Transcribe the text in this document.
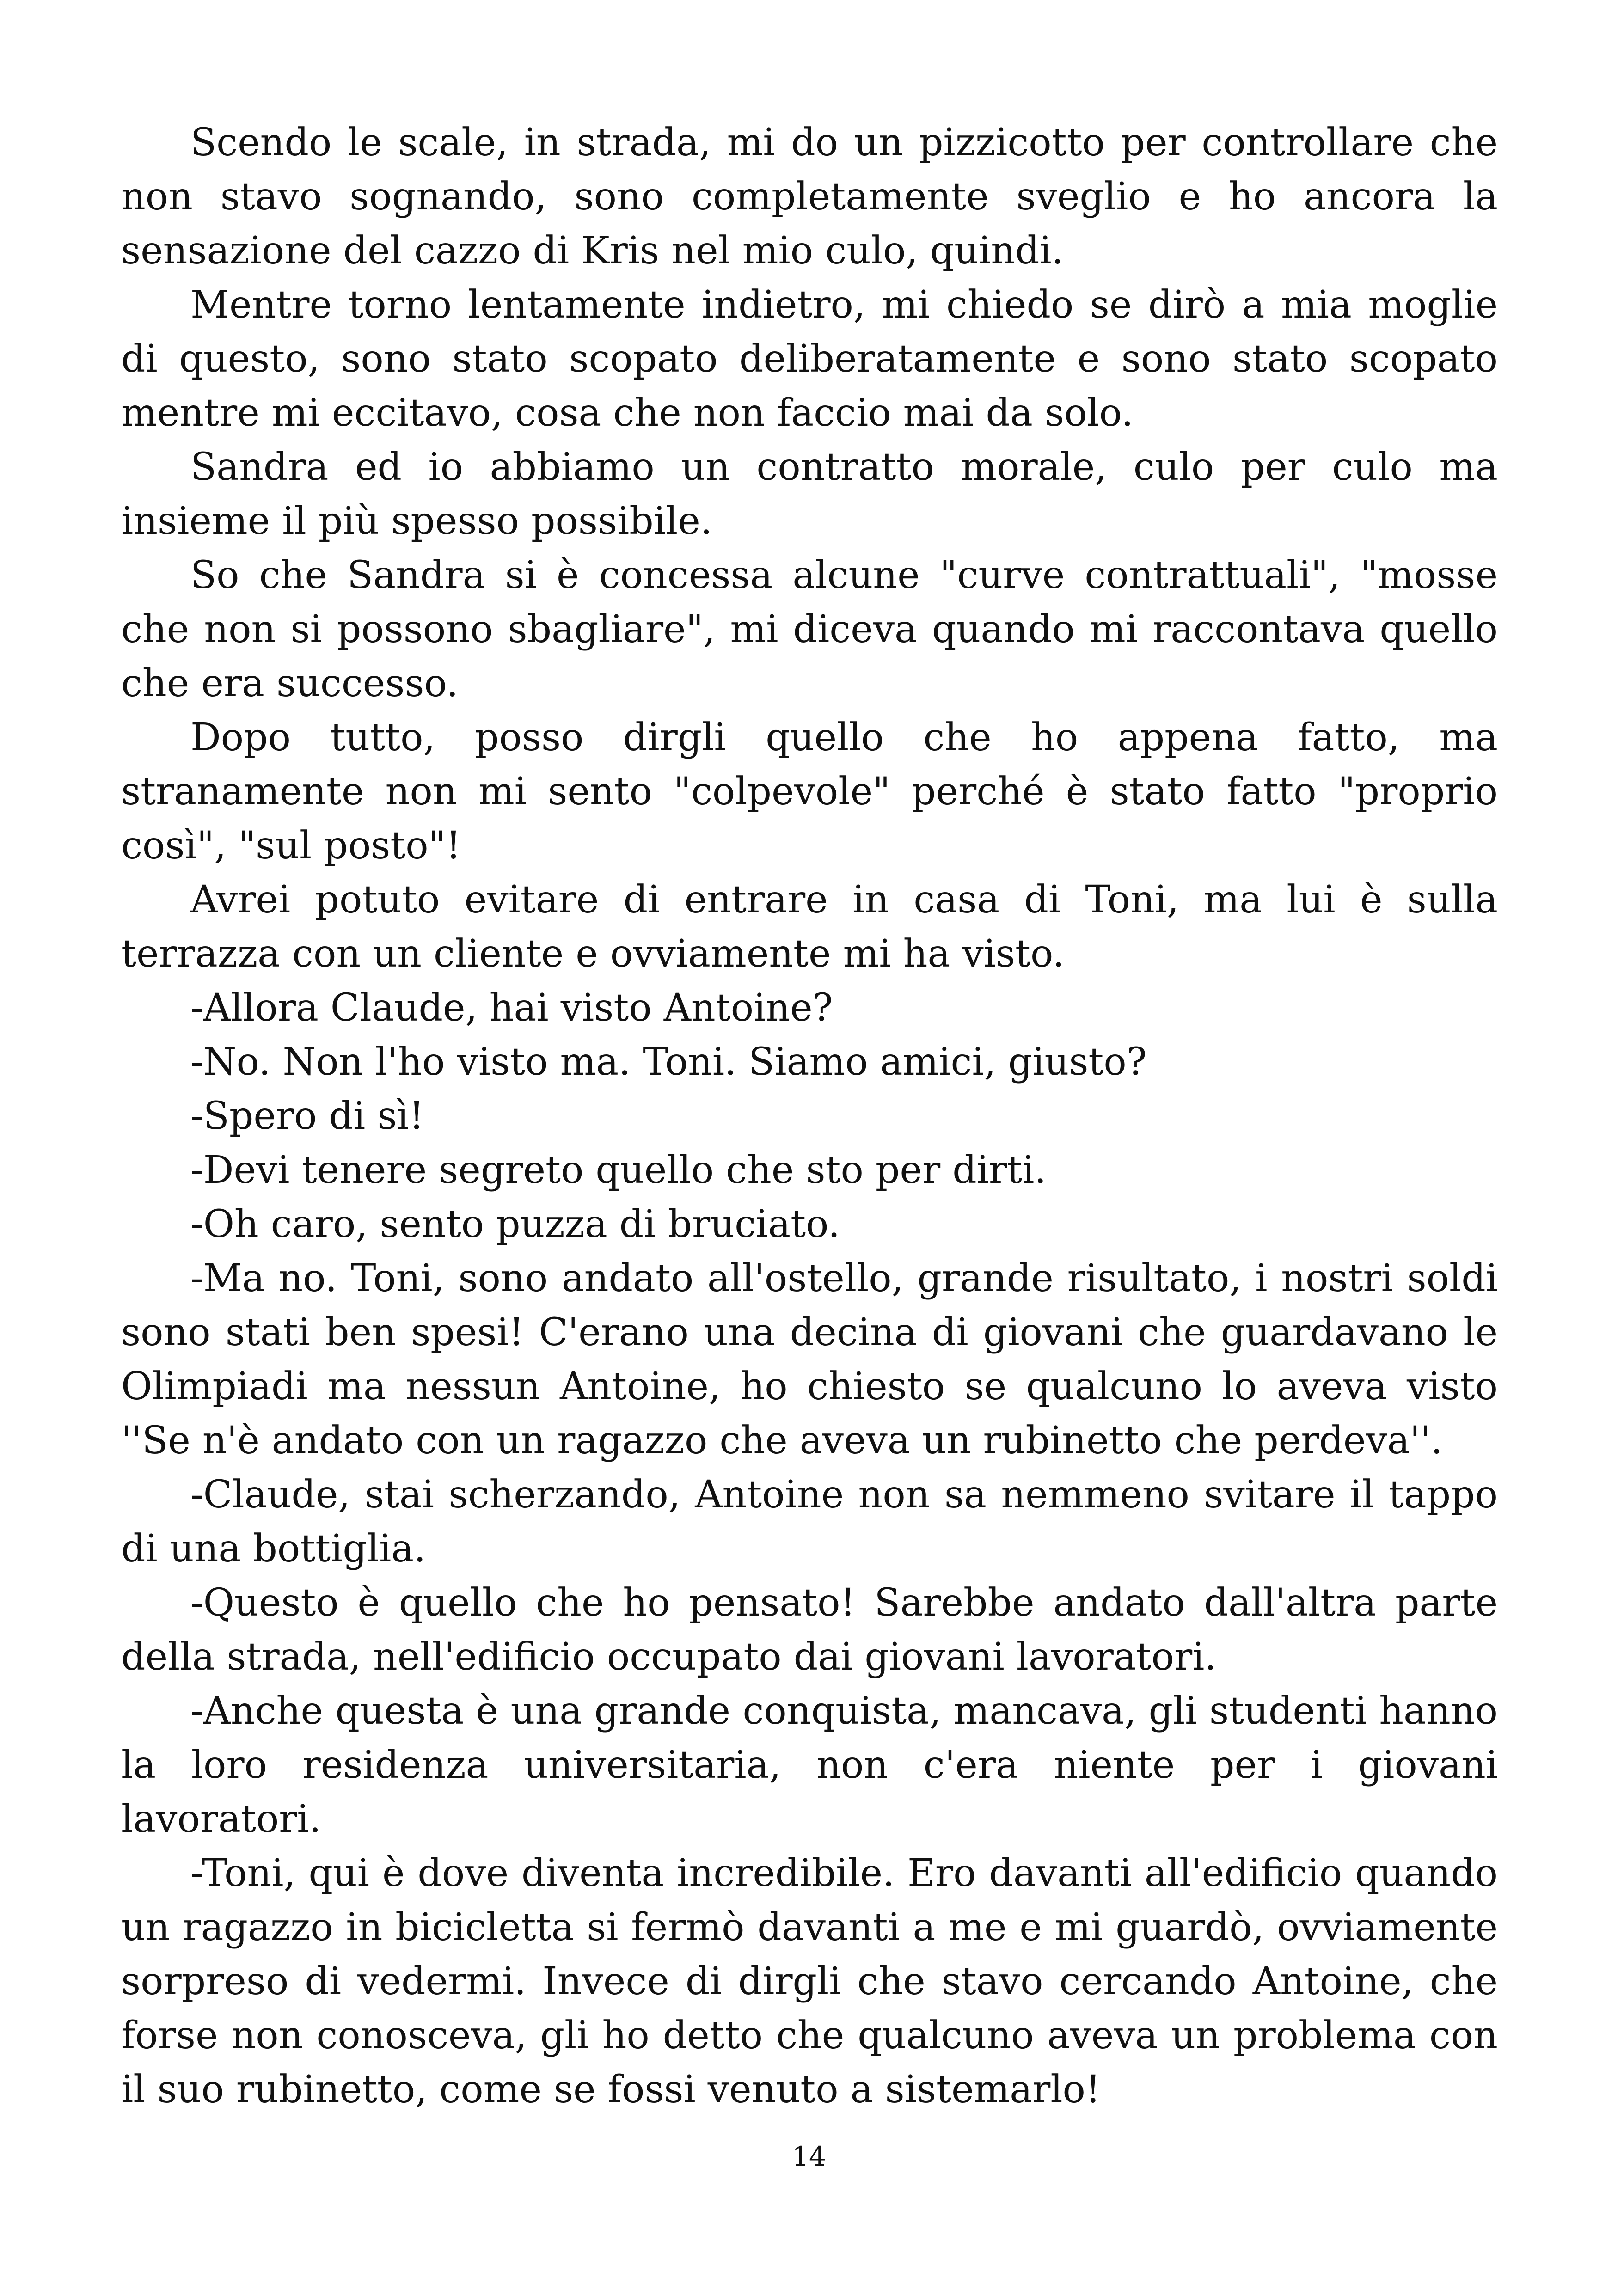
Scendo le scale, in strada, mi do un pizzicotto per controllare che non stavo sognando, sono completamente sveglio e ho ancora la sensazione del cazzo di Kris nel mio culo, quindi.

Mentre torno lentamente indietro, mi chiedo se dirò a mia moglie di questo, sono stato scopato deliberatamente e sono stato scopato mentre mi eccitavo, cosa che non faccio mai da solo.

Sandra ed io abbiamo un contratto morale, culo per culo ma insieme il più spesso possibile.

So che Sandra si è concessa alcune "curve contrattuali", "mosse che non si possono sbagliare", mi diceva quando mi raccontava quello che era successo.

Dopo tutto, posso dirgli quello che ho appena fatto, ma stranamente non mi sento "colpevole" perché è stato fatto "proprio così", "sul posto"!

Avrei potuto evitare di entrare in casa di Toni, ma lui è sulla terrazza con un cliente e ovviamente mi ha visto.

-Allora Claude, hai visto Antoine?

-No. Non l'ho visto ma. Toni. Siamo amici, giusto?

-Spero di sì!

-Devi tenere segreto quello che sto per dirti.

-Oh caro, sento puzza di bruciato.

-Ma no. Toni, sono andato all'ostello, grande risultato, i nostri soldi sono stati ben spesi! C'erano una decina di giovani che guardavano le Olimpiadi ma nessun Antoine, ho chiesto se qualcuno lo aveva visto ''Se n'è andato con un ragazzo che aveva un rubinetto che perdeva''.

-Claude, stai scherzando, Antoine non sa nemmeno svitare il tappo di una bottiglia.

-Questo è quello che ho pensato! Sarebbe andato dall'altra parte della strada, nell'edificio occupato dai giovani lavoratori.

-Anche questa è una grande conquista, mancava, gli studenti hanno la loro residenza universitaria, non c'era niente per i giovani lavoratori.

-Toni, qui è dove diventa incredibile. Ero davanti all'edificio quando un ragazzo in bicicletta si fermò davanti a me e mi guardò, ovviamente sorpreso di vedermi. Invece di dirgli che stavo cercando Antoine, che forse non conosceva, gli ho detto che qualcuno aveva un problema con il suo rubinetto, come se fossi venuto a sistemarlo!

14
